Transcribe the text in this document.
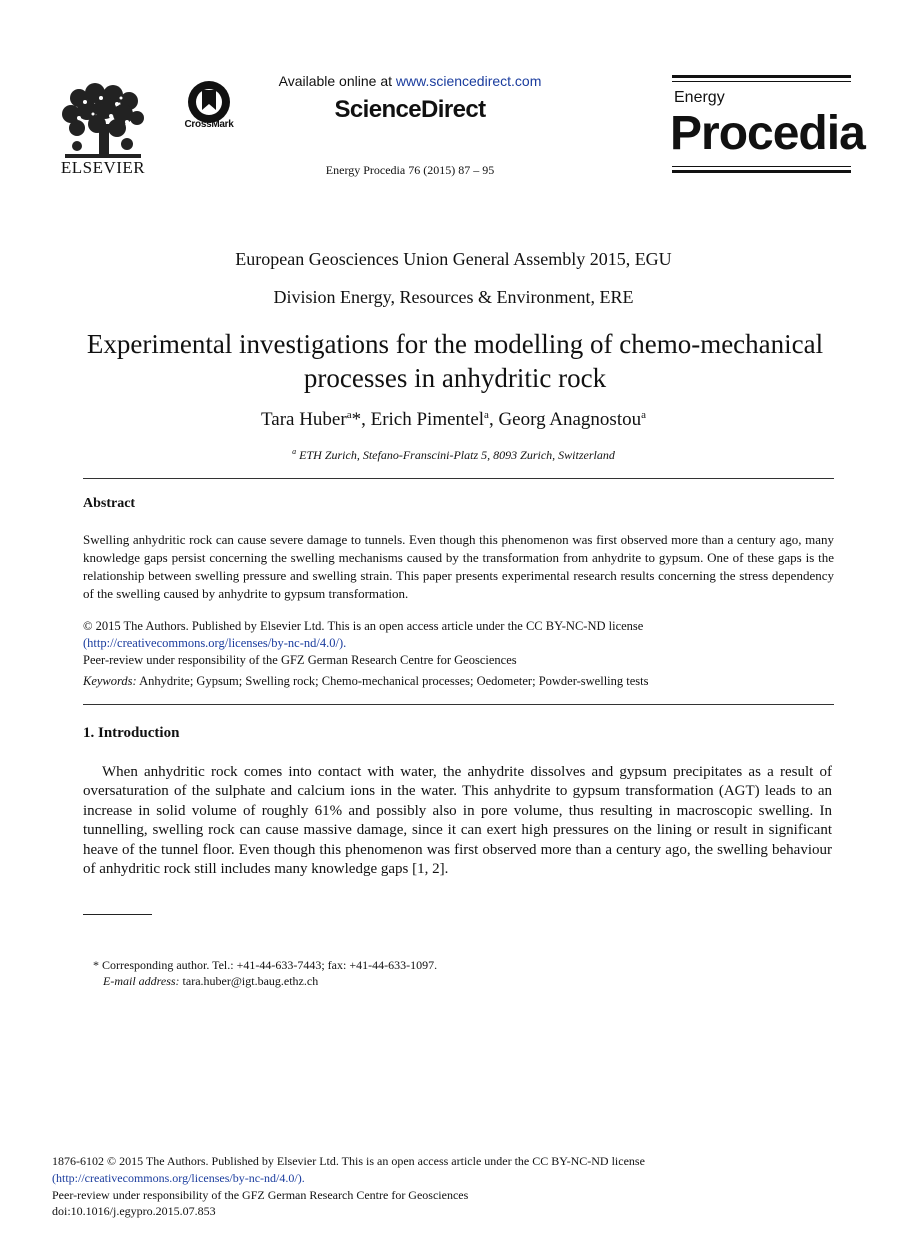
ELSEVIER
CrossMark
Available online at www.sciencedirect.com
ScienceDirect
Energy Procedia 76 (2015) 87 – 95
Energy
Procedia
European Geosciences Union General Assembly 2015, EGU
Division Energy, Resources & Environment, ERE
Experimental investigations for the modelling of chemo-mechanical processes in anhydritic rock
Tara Huber$^a$*, Erich Pimentel$^a$, Georg Anagnostou$^a$
$^a$ ETH Zurich, Stefano-Franscini-Platz 5, 8093 Zurich, Switzerland
Abstract
Swelling anhydritic rock can cause severe damage to tunnels. Even though this phenomenon was first observed more than a century ago, many knowledge gaps persist concerning the swelling mechanisms caused by the transformation from anhydrite to gypsum. One of these gaps is the relationship between swelling pressure and swelling strain. This paper presents experimental research results concerning the stress dependency of the swelling caused by anhydrite to gypsum transformation.
© 2015 The Authors. Published by Elsevier Ltd. This is an open access article under the CC BY-NC-ND license
(http://creativecommons.org/licenses/by-nc-nd/4.0/).
Peer-review under responsibility of the GFZ German Research Centre for Geosciences
Keywords: Anhydrite; Gypsum; Swelling rock; Chemo-mechanical processes; Oedometer; Powder-swelling tests
1. Introduction
When anhydritic rock comes into contact with water, the anhydrite dissolves and gypsum precipitates as a result of oversaturation of the sulphate and calcium ions in the water. This anhydrite to gypsum transformation (AGT) leads to an increase in solid volume of roughly 61% and possibly also in pore volume, thus resulting in macroscopic swelling. In tunnelling, swelling rock can cause massive damage, since it can exert high pressures on the lining or result in significant heave of the tunnel floor. Even though this phenomenon was first observed more than a century ago, the swelling behaviour of anhydritic rock still includes many knowledge gaps [1, 2].
* Corresponding author. Tel.: +41-44-633-7443; fax: +41-44-633-1097.
E-mail address: tara.huber@igt.baug.ethz.ch
1876-6102 © 2015 The Authors. Published by Elsevier Ltd. This is an open access article under the CC BY-NC-ND license
(http://creativecommons.org/licenses/by-nc-nd/4.0/).
Peer-review under responsibility of the GFZ German Research Centre for Geosciences
doi:10.1016/j.egypro.2015.07.853
